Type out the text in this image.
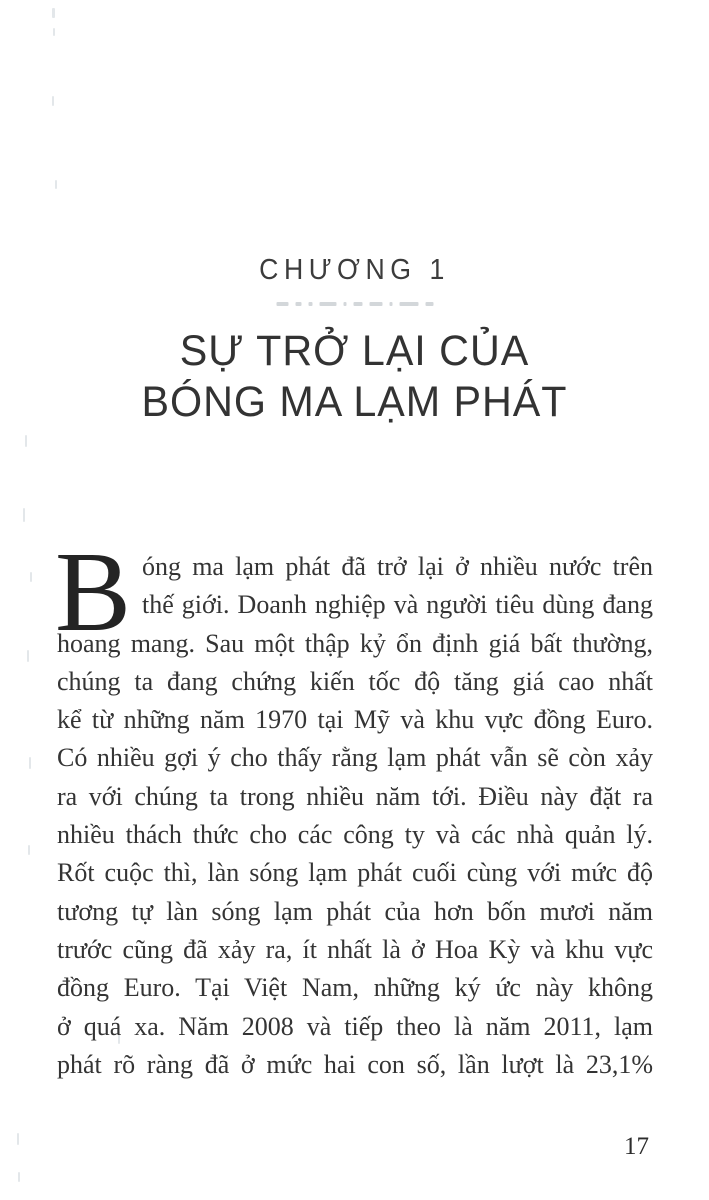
CHƯƠNG 1
SỰ TRỞ LẠI CỦA
BÓNG MA LẠM PHÁT
B óng ma lạm phát đã trở lại ở nhiều nước trên
thế giới. Doanh nghiệp và người tiêu dùng đang
hoang mang. Sau một thập kỷ ổn định giá bất thường,
chúng ta đang chứng kiến tốc độ tăng giá cao nhất
kể từ những năm 1970 tại Mỹ và khu vực đồng Euro.
Có nhiều gợi ý cho thấy rằng lạm phát vẫn sẽ còn xảy
ra với chúng ta trong nhiều năm tới. Điều này đặt ra
nhiều thách thức cho các công ty và các nhà quản lý.
Rốt cuộc thì, làn sóng lạm phát cuối cùng với mức độ
tương tự làn sóng lạm phát của hơn bốn mươi năm
trước cũng đã xảy ra, ít nhất là ở Hoa Kỳ và khu vực
đồng Euro. Tại Việt Nam, những ký ức này không
ở quá xa. Năm 2008 và tiếp theo là năm 2011, lạm
phát rõ ràng đã ở mức hai con số, lần lượt là 23,1%
17
